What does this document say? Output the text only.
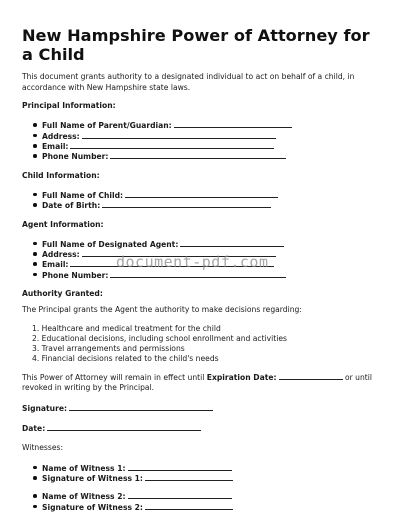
New Hampshire Power of Attorney for a Child

This document grants authority to a designated individual to act on behalf of a child, in accordance with New Hampshire state laws.

Principal Information:
Full Name of Parent/Guardian:
Address:
Email:
Phone Number:
Child Information:
Full Name of Child:
Date of Birth:
Agent Information:
Full Name of Designated Agent:
Address:
Email:
Phone Number:
Authority Granted:

The Principal grants the Agent the authority to make decisions regarding:

1. Healthcare and medical treatment for the child
2. Educational decisions, including school enrollment and activities
3. Travel arrangements and permissions
4. Financial decisions related to the child's needs

This Power of Attorney will remain in effect until Expiration Date:	or until revoked in writing by the Principal.

Signature:
Date:

Witnesses:

Name of Witness 1:
Signature of Witness 1:
Name of Witness 2:
Signature of Witness 2:
document-pdf.com
